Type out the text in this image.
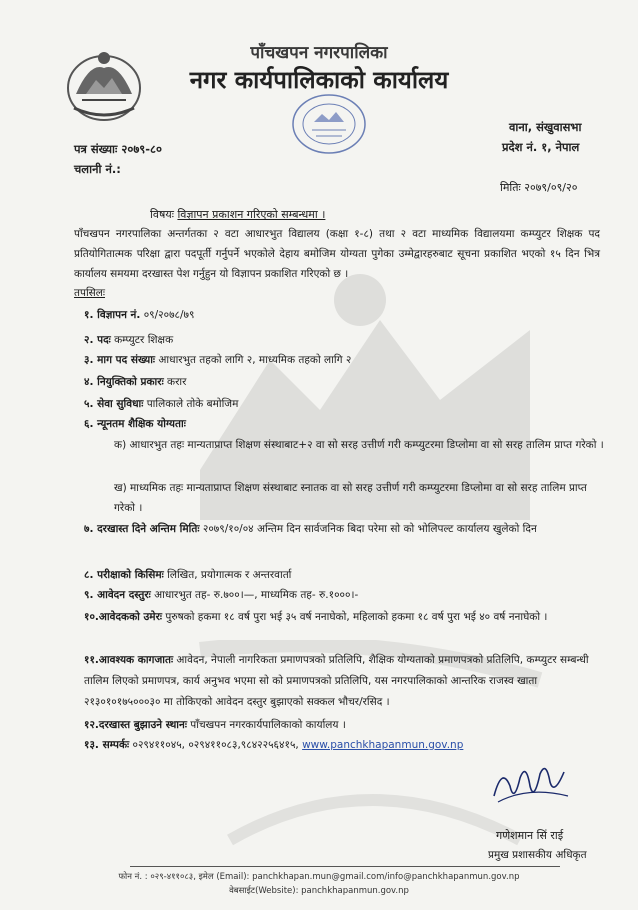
पाँचखपन नगरपालिका
नगर कार्यपालिकाको कार्यालय
वाना, संखुवासभा
प्रदेश नं. १, नेपाल
पत्र संख्याः २०७९-८०
चलानी नं.:
मितिः २०७९/०९/२०
विषयः विज्ञापन प्रकाशन गरिएको सम्बन्धमा ।
पाँचखपन नगरपालिका अन्तर्गतका २ वटा आधारभुत विद्यालय (कक्षा १-८) तथा २ वटा माध्यमिक विद्यालयमा कम्प्युटर शिक्षक पद प्रतियोगितात्मक परिक्षा द्वारा पदपूर्ती गर्नुपर्ने भएकोले देहाय बमोजिम योग्यता पुगेका उम्मेद्वारहरुबाट सूचना प्रकाशित भएको १५ दिन भित्र कार्यालय समयमा दरखास्त पेश गर्नुहुन यो विज्ञापन प्रकाशित गरिएको छ ।
तपसिलः
१. विज्ञापन नं. ०९/२०७८/७९
२. पदः कम्प्युटर शिक्षक
३. माग पद संख्याः आधारभुत तहको लागि २, माध्यमिक तहको लागि २
४. नियुक्तिको प्रकारः करार
५. सेवा सुविधाः पालिकाले तोके बमोजिम
६. न्यूनतम शैक्षिक योग्यताः
क) आधारभुत तहः मान्यताप्राप्त शिक्षण संस्थाबाट+२ वा सो सरह उत्तीर्ण गरी कम्प्युटरमा डिप्लोमा वा सो सरह तालिम प्राप्त गरेको ।
ख) माध्यमिक तहः मान्यताप्राप्त शिक्षण संस्थाबाट स्नातक वा सो सरह उत्तीर्ण गरी कम्प्युटरमा डिप्लोमा वा सो सरह तालिम प्राप्त गरेको ।
७. दरखास्त दिने अन्तिम मितिः २०७९/१०/०४ अन्तिम दिन सार्वजनिक बिदा परेमा सो को भोलिपल्ट कार्यालय खुलेको दिन
८. परीक्षाको किसिमः लिखित, प्रयोगात्मक र अन्तरवार्ता
९. आवेदन दस्तुरः आधारभुत तह- रु.७००।—, माध्यमिक तह- रु.१०००।-
१०.आवेदकको उमेरः पुरुषको हकमा १८ वर्ष पुरा भई ३५ वर्ष ननाघेको, महिलाको हकमा १८ वर्ष पुरा भई ४० वर्ष ननाघेको ।
११.आवश्यक कागजातः आवेदन, नेपाली नागरिकता प्रमाणपत्रको प्रतिलिपि, शैक्षिक योग्यताको प्रमाणपत्रको प्रतिलिपि, कम्प्युटर सम्बन्धी तालिम लिएको प्रमाणपत्र, कार्य अनुभव भएमा सो को प्रमाणपत्रको प्रतिलिपि, यस नगरपालिकाको आन्तरिक राजस्व खाता २१३०१०१७५०००३० मा तोकिएको आवेदन दस्तुर बुझाएको सक्कल भौचर/रसिद ।
१२.दरखास्त बुझाउने स्थानः पाँचखपन नगरकार्यपालिकाको कार्यालय ।
१३. सम्पर्कः ०२९४११०४५, ०२९४११०८३,९८४२२५६४१५, www.panchkhapanmun.gov.np
गणेशमान सिं राई
प्रमुख प्रशासकीय अधिकृत
फोन नं. : ०२९-४११०८३, इमेल (Email): panchkhapan.mun@gmail.com/info@panchkhapanmun.gov.np
वेबसाईट(Website): panchkhapanmun.gov.np
